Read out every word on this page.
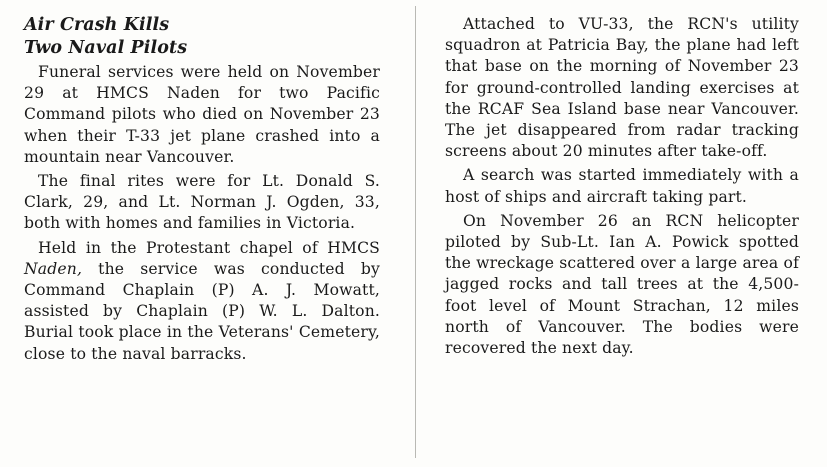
Air Crash Kills
Two Naval Pilots

Funeral services were held on November 29 at HMCS Naden for two Pacific Command pilots who died on November 23 when their T-33 jet plane crashed into a mountain near Vancouver.

The final rites were for Lt. Donald S. Clark, 29, and Lt. Norman J. Ogden, 33, both with homes and families in Victoria.

Held in the Protestant chapel of HMCS Naden, the service was conducted by Command Chaplain (P) A. J. Mowatt, assisted by Chaplain (P) W. L. Dalton. Burial took place in the Veterans' Cemetery, close to the naval barracks.

Attached to VU-33, the RCN's utility squadron at Patricia Bay, the plane had left that base on the morning of November 23 for ground-controlled landing exercises at the RCAF Sea Island base near Vancouver. The jet disappeared from radar tracking screens about 20 minutes after take-off.

A search was started immediately with a host of ships and aircraft taking part.

On November 26 an RCN helicopter piloted by Sub-Lt. Ian A. Powick spotted the wreckage scattered over a large area of jagged rocks and tall trees at the 4,500-foot level of Mount Strachan, 12 miles north of Vancouver. The bodies were recovered the next day.
